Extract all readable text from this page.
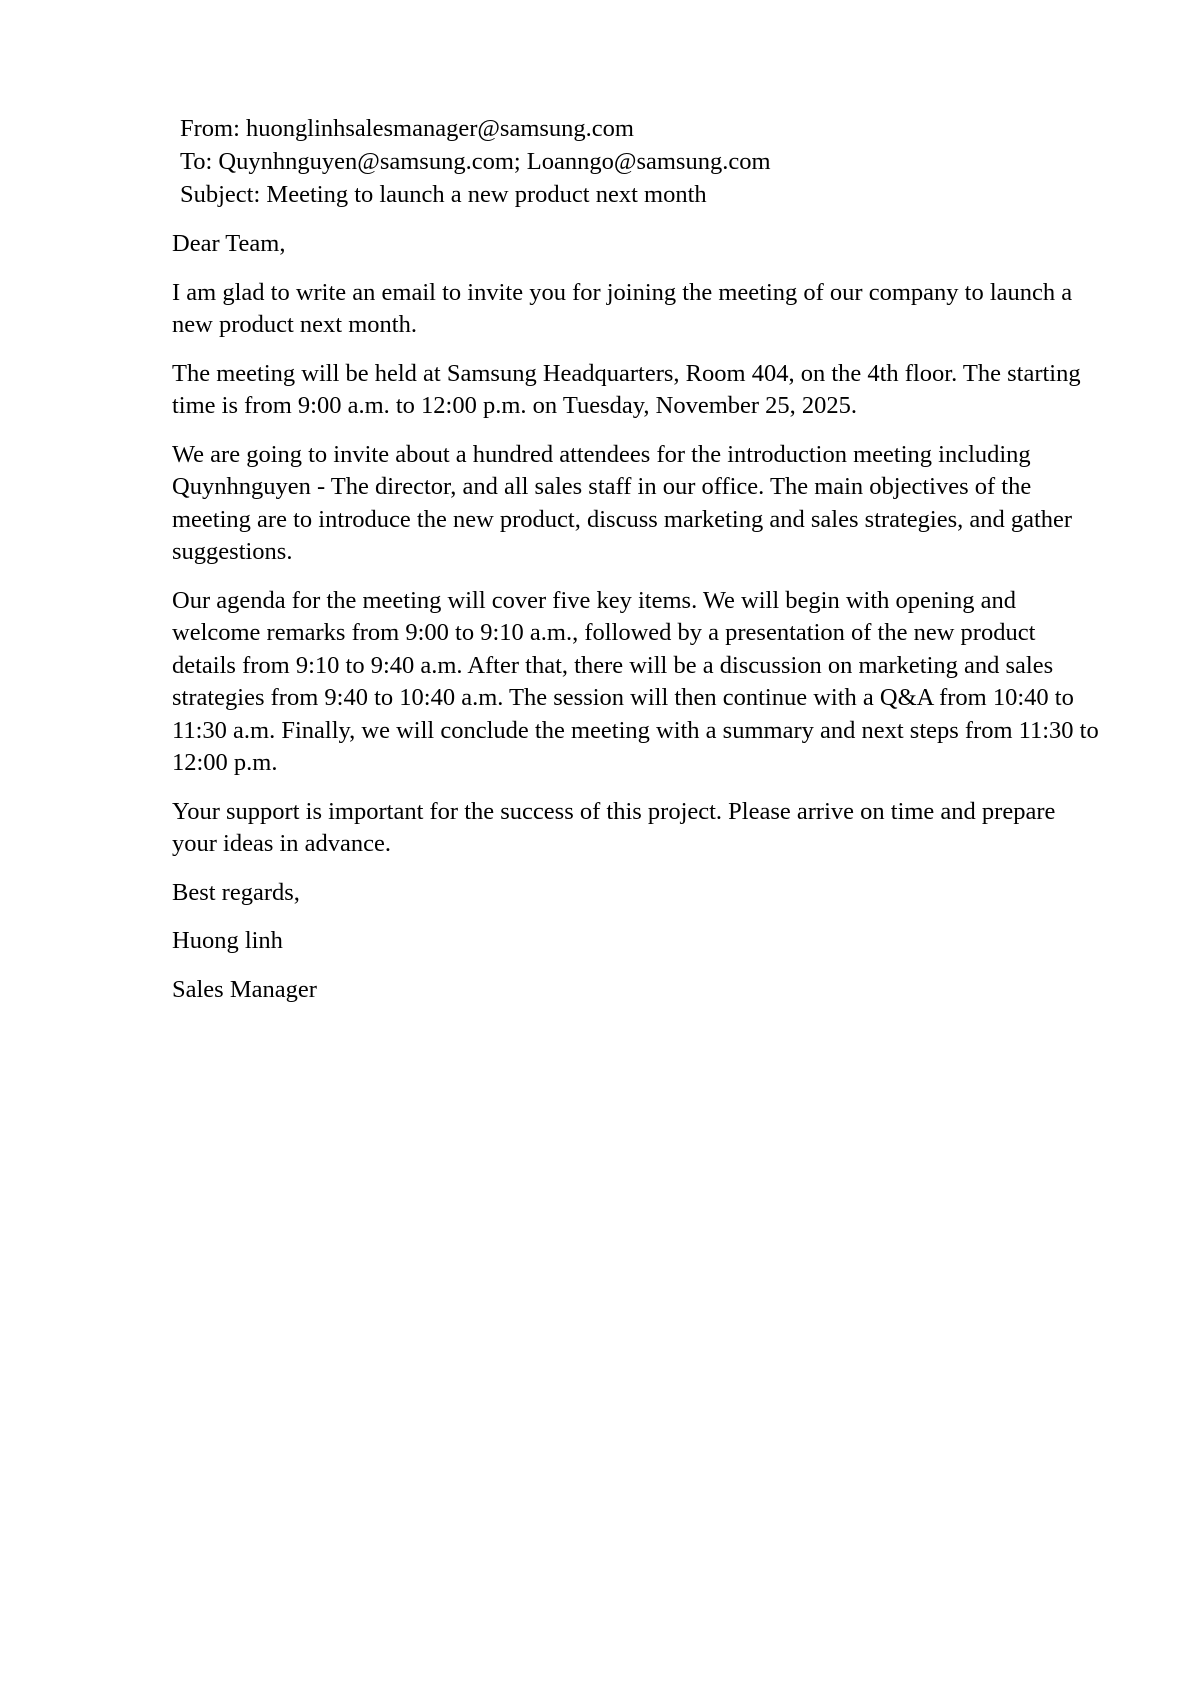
From: huonglinhsalesmanager@samsung.com
To: Quynhnguyen@samsung.com; Loanngo@samsung.com
Subject: Meeting to launch a new product next month

Dear Team,

I am glad to write an email to invite you for joining the meeting of our company to launch a new product next month.

The meeting will be held at Samsung Headquarters, Room 404, on the 4th floor. The starting time is from 9:00 a.m. to 12:00 p.m. on Tuesday, November 25, 2025.

We are going to invite about a hundred attendees for the introduction meeting including Quynhnguyen - The director, and all sales staff in our office. The main objectives of the meeting are to introduce the new product, discuss marketing and sales strategies, and gather suggestions.

Our agenda for the meeting will cover five key items. We will begin with opening and welcome remarks from 9:00 to 9:10 a.m., followed by a presentation of the new product details from 9:10 to 9:40 a.m. After that, there will be a discussion on marketing and sales strategies from 9:40 to 10:40 a.m. The session will then continue with a Q&A from 10:40 to 11:30 a.m. Finally, we will conclude the meeting with a summary and next steps from 11:30 to 12:00 p.m.

Your support is important for the success of this project. Please arrive on time and prepare your ideas in advance.

Best regards,

Huong linh

Sales Manager
